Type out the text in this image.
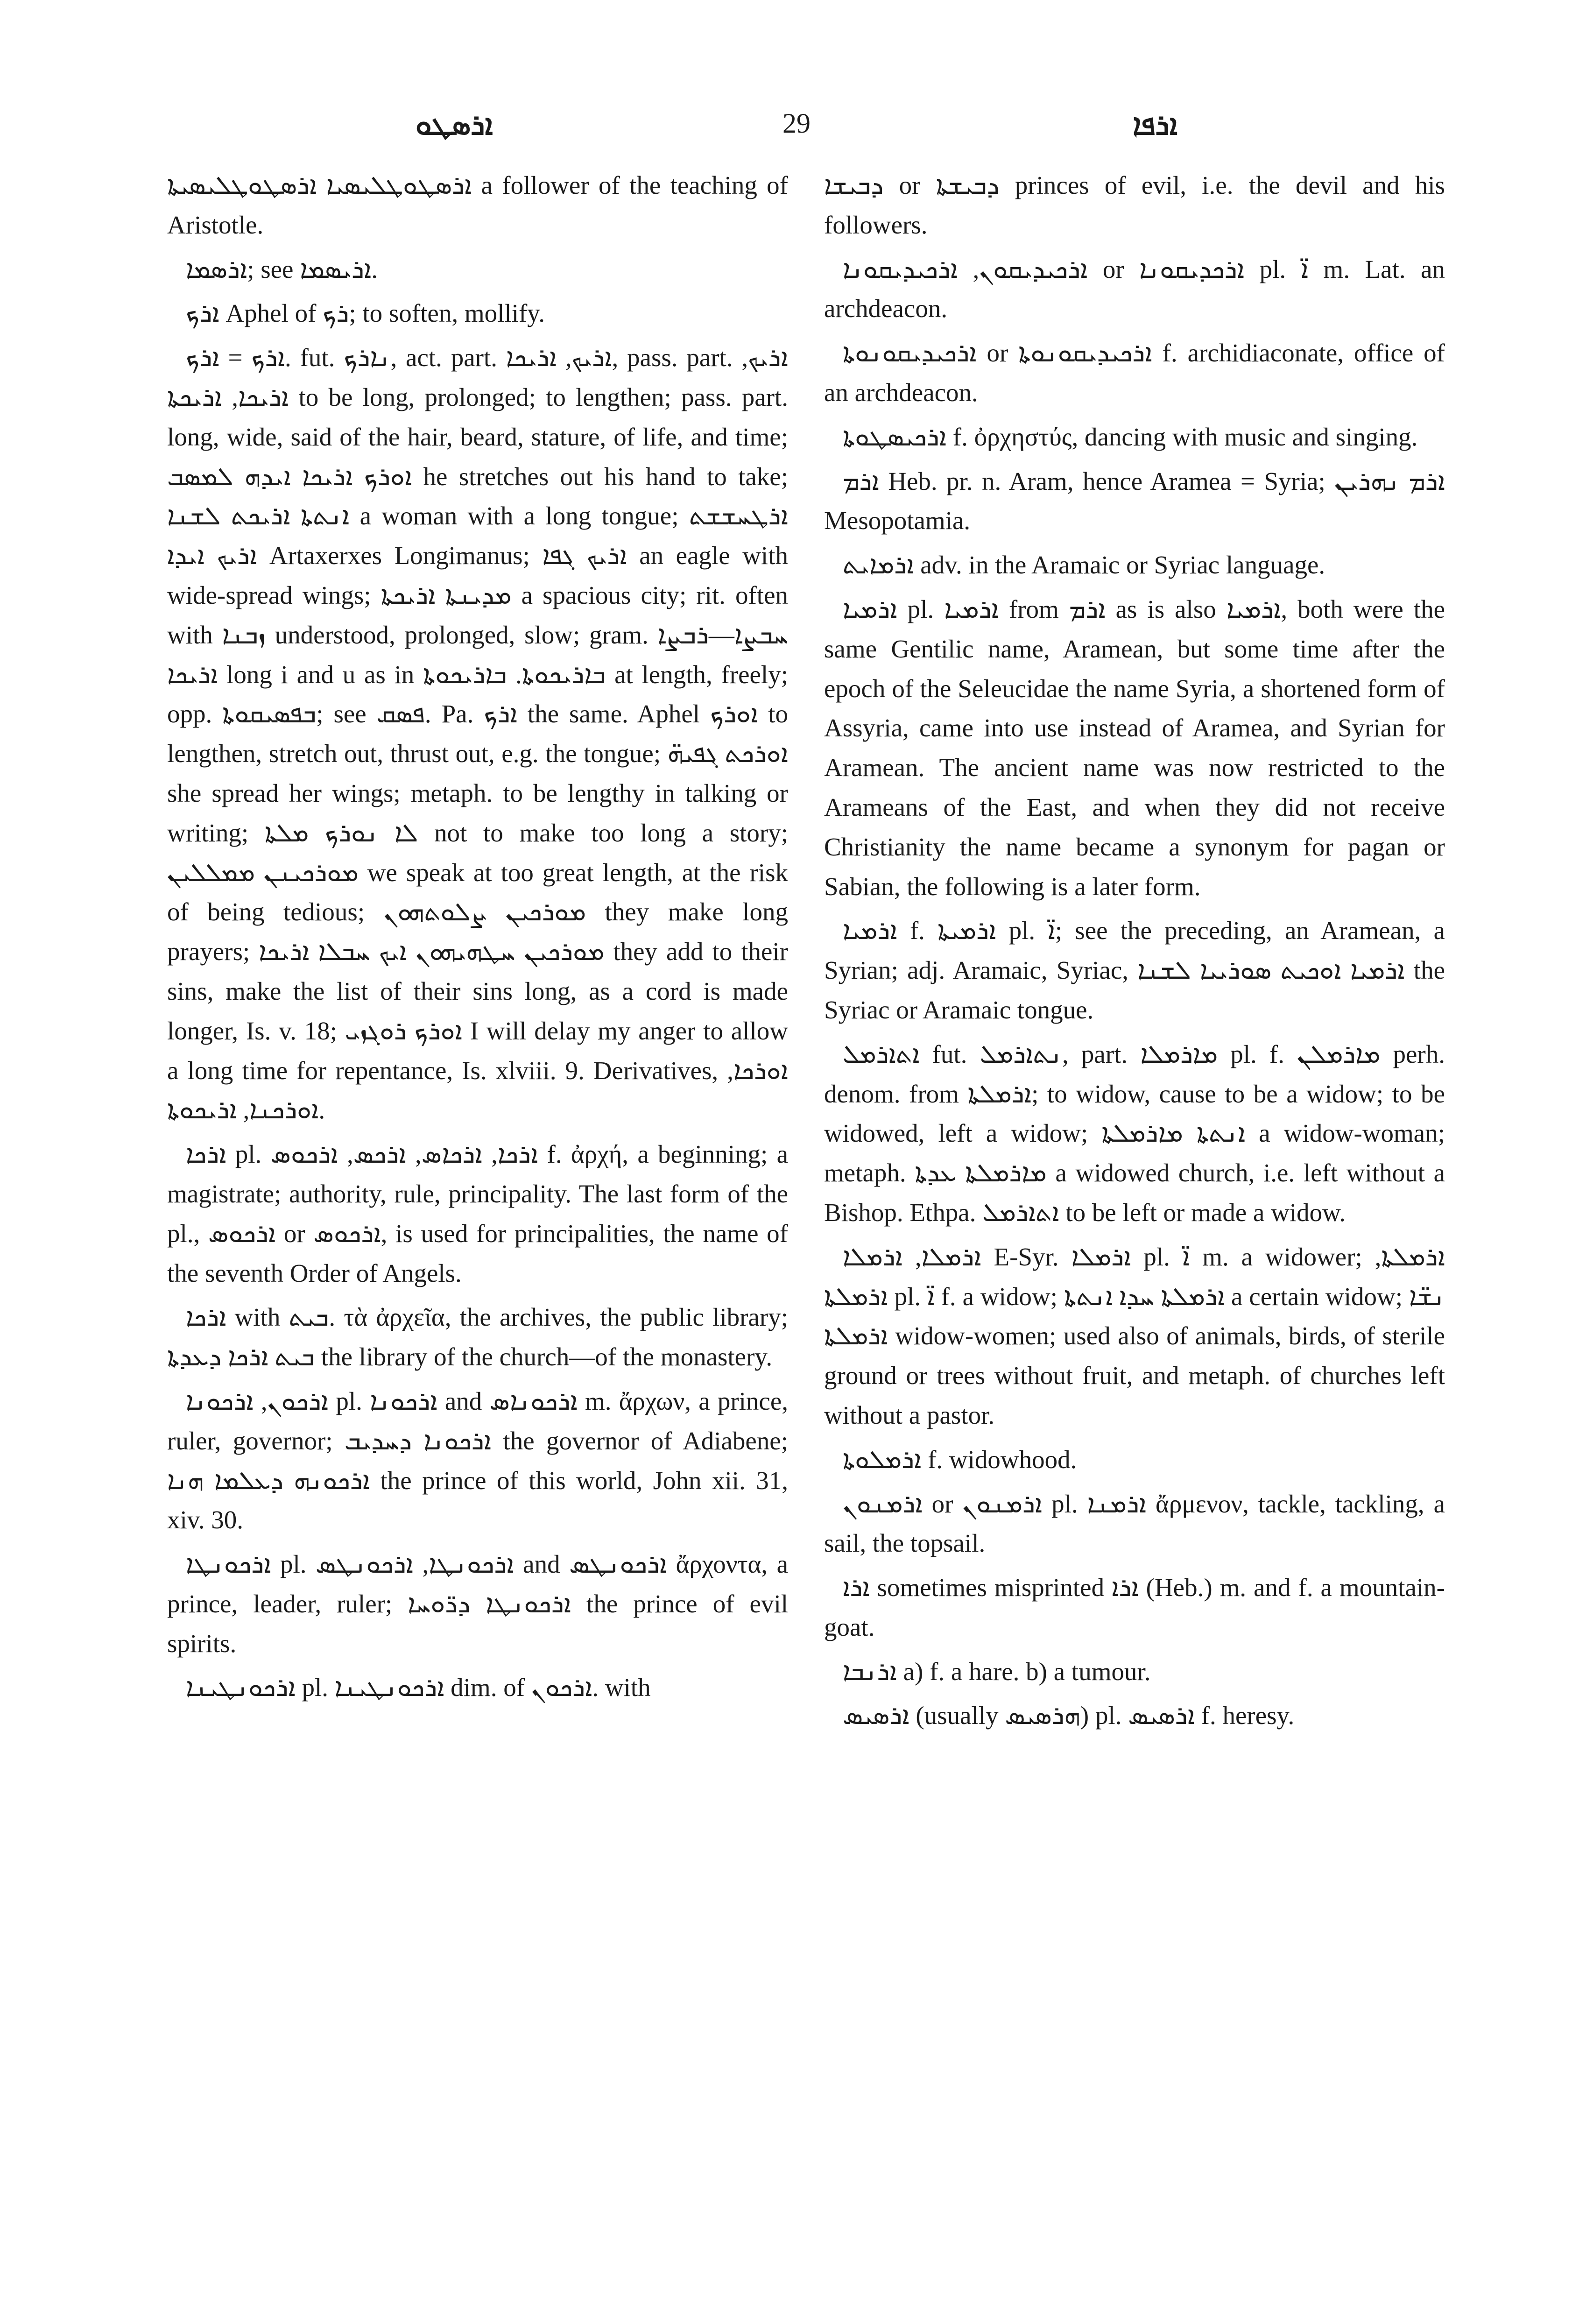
ܐܪܣܛܘ	29	ܐܪܦܐ

ܐܪܣܛܘܛܠܝܣܝܐ ܐܪܣܛܘܛܠܝܣܝܬܐ a follower of the teaching of Aristotle.

ܐܪܣܡܐ; see ܐܪܝܣܡܐ.

ܐܪܟ Aphel of ܪܟ; to soften, mollify.

ܐܪܟ = ܐܪܟ. fut. ܢܐܪܟ, act. part. ܐܪܝܟ, ܐܪܝܟܐ, pass. part. ܐܪܝܟ, ܐܪܝܟܐ, ܐܪܝܟܬܐ to be long, prolonged; to lengthen; pass. part. long, wide, said of the hair, beard, stature, of life, and time; ܐܘܪܟ ܐܪܝܟܐ ܐܝܕܗ ܠܡܣܒ he stretches out his hand to take; ܐܢܬܬܐ ܐܪܝܟܬ ܠܫܢܐ a woman with a long tongue; ܐܪܛܚܫܫܬ ܐܪܝܟ ܐܝܕܐ Artaxerxes Longimanus; ܐܪܝܟ ܓܦܐ an eagle with wide-spread wings; ܡܕܝܢܬܐ ܐܪܝܟܬܐ a spacious city; rit. often with ܙܒܢܐ understood, prolonged, slow; gram. ܚܒܨܐ—ܪܒܨܐ ܐܪܝܟܐ long i and u as in ܒܐܪܝܟܘܬܐ. ܒܐܪܝܟܘܬܐ at length, freely; opp. ܒܦܣܝܩܘܬܐ; see ܦܣܩ. Pa. ܐܪܟ the same. Aphel ܐܘܪܟ to lengthen, stretch out, thrust out, e.g. the tongue; ܐܘܪܟܬ ܓܦܝܗ̈ she spread her wings; metaph. to be lengthy in talking or writing; ܠܐ ܢܘܪܟ ܡܠܬܐ not to make too long a story; ܡܘܪܟܝܢܢ ܡܡܠܠܝܢ we speak at too great length, at the risk of being tedious; ܡܘܪܟܝܢ ܨܠܘܬܗܘܢ they make long prayers; ܡܘܪܟܝܢ ܚܛܗܝܗܘܢ ܐܝܟ ܚܒܠܐ ܐܪܝܟܐ they add to their sins, make the list of their sins long, as a cord is made longer, Is. v. 18; ܐܘܪܟ ܪܘܓܙܝ I will delay my anger to allow a long time for repentance, Is. xlviii. 9. Derivatives, ܐܘܪܟܐ, ܐܘܪܟܢܐ, ܐܪܝܟܘܬܐ.

ܐܪܟܐ pl. ܐܪܟܐ, ܐܪܟܐܣ, ܐܪܟܣ, ܐܪܟܘܣ f. ἀρχή, a beginning; a magistrate; authority, rule, principality. The last form of the pl., ܐܪܟܘܣ or ܐܪܟܘܣ, is used for principalities, the name of the seventh Order of Angels.

ܐܪܟܐ with ܒܝܬ. τὰ ἀρχεῖα, the archives, the public library; ܒܝܬ ܐܪܟܐ ܕܥܕܬܐ the library of the church—of the monastery.

ܐܪܟܘܢ, ܐܪܟܘܢܐ pl. ܐܪܟܘܢܐ and ܐܪܟܘܢܐܣ m. ἄρχων, a prince, ruler, governor; ܐܪܟܘܢܐ ܕܚܕܝܒ the governor of Adiabene; ܐܪܟܘܢܗ ܕܥܠܡܐ ܗܢܐ the prince of this world, John xii. 31, xiv. 30.

ܐܪܟܘܢܛܐ pl. ܐܪܟܘܢܛܐ, ܐܪܟܘܢܛܣ and ܐܪܟܘܢܛܣ ἄρχοντα, a prince, leader, ruler; ܐܪܟܘܢܛܐ ܕܪ̈ܘܚܐ the prince of evil spirits.

ܐܪܟܘܢܛܝܢܐ pl. ܐܪܟܘܢܛܝܢܐ dim. of ܐܪܟܘܢ. with

ܕܒܝܫܐ or ܕܒܝܫܬܐ princes of evil, i.e. the devil and his followers.

ܐܪܟܝܕܝܩܘܢ, ܐܪܟܝܕܝܩܘܢܐ or ܐܪܟܕܝܩܘܢܐ pl. ܐ̈ m. Lat. an archdeacon.

ܐܪܟܝܕܝܩܘܢܘܬܐ or ܐܪܟܝܕܝܩܘܢܘܬܐ f. archidiaconate, office of an archdeacon.

ܐܪܟܝܣܛܘܬܐ f. ὀρχηστύς, dancing with music and singing.

ܐܪܡ Heb. pr. n. Aram, hence Aramea = Syria; ܐܪܡ ܢܗܪܝܢ Mesopotamia.

ܐܪܡܐܝܬ adv. in the Aramaic or Syriac language.

ܐܪܡܝܐ pl. ܐܪܡܝܐ from ܐܪܡ as is also ܐܪܡܝܐ, both were the same Gentilic name, Aramean, but some time after the epoch of the Seleucidae the name Syria, a shortened form of Assyria, came into use instead of Aramea, and Syrian for Aramean. The ancient name was now restricted to the Arameans of the East, and when they did not receive Christianity the name became a synonym for pagan or Sabian, the following is a later form.

ܐܪܡܝܐ f. ܐܪܡܝܬܐ pl. ܐ̈; see the preceding, an Aramean, a Syrian; adj. Aramaic, Syriac, ܐܪܡܝܐ ܐܘܟܝܬ ܣܘܪܝܝܐ ܠܫܢܐ the Syriac or Aramaic tongue.

ܐܬܐܪܡܠ fut. ܢܬܐܪܡܠ, part. ܡܐܪܡܠܐ pl. f. ܡܐܪܡܠܢ perh. denom. from ܐܪܡܠܬܐ; to widow, cause to be a widow; to be widowed, left a widow; ܐܢܬܬܐ ܡܐܪܡܠܬܐ a widow-woman; metaph. ܡܐܪܡܠܬܐ ܥܕܬܐ a widowed church, i.e. left without a Bishop. Ethpa. ܐܬܐܪܡܠ to be left or made a widow.

ܐܪܡܠܐ, ܐܪܡܠܐ E-Syr. ܐܪܡܠܐ pl. ܐ̈ m. a widower; ܐܪܡܠܬܐ, ܐܪܡܠܬܐ pl. ܐ̈ f. a widow; ܐܪܡܠܬܐ ܚܕܐ ܐܢܬܬܐ a certain widow; ܢܫ̈ܐ ܐܪܡܠܬܐ widow-women; used also of animals, birds, of sterile ground or trees without fruit, and metaph. of churches left without a pastor.

ܐܪܡܠܘܬܐ f. widowhood.

ܐܪܡܢܘܢ or ܐܪܡܢܘܢ pl. ܐܪܡܢܐ ἄρμενον, tackle, tackling, a sail, the topsail.

ܐܪܐ sometimes misprinted ܐܪܐ (Heb.) m. and f. a mountain-goat.

ܐܪܢܒܐ a) f. a hare. b) a tumour.

ܐܪܣܝܣ (usually ܗܪܣܝܣ) pl. ܐܪܣܝܣ f. heresy.
